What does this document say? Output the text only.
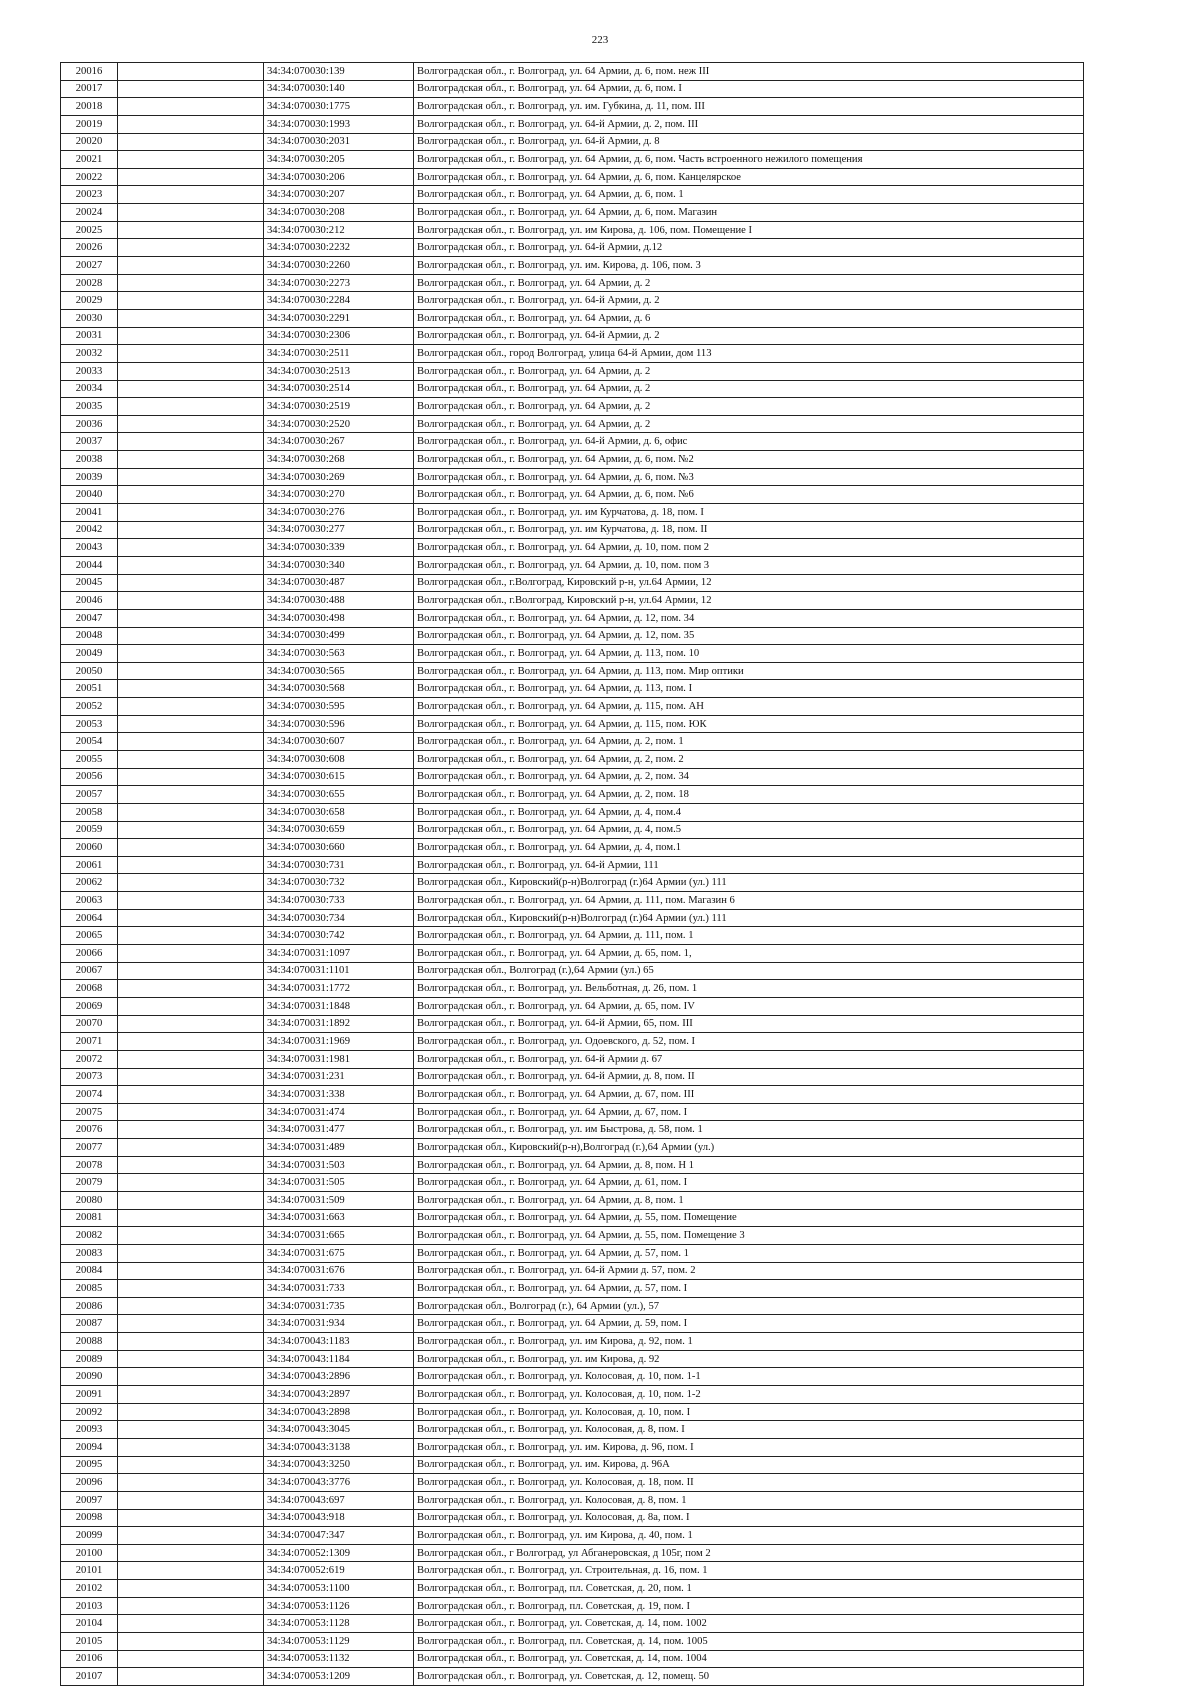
223
20016		34:34:070030:139	Волгоградская обл., г. Волгоград, ул. 64 Армии, д. 6, пом. неж III
20017		34:34:070030:140	Волгоградская обл., г. Волгоград, ул. 64 Армии, д. 6, пом. I
20018		34:34:070030:1775	Волгоградская обл., г. Волгоград, ул. им. Губкина, д. 11, пом. III
20019		34:34:070030:1993	Волгоградская обл., г. Волгоград, ул. 64-й Армии, д. 2, пом. III
20020		34:34:070030:2031	Волгоградская обл., г. Волгоград, ул. 64-й Армии, д. 8
20021		34:34:070030:205	Волгоградская обл., г. Волгоград, ул. 64 Армии, д. 6, пом. Часть встроенного нежилого помещения
20022		34:34:070030:206	Волгоградская обл., г. Волгоград, ул. 64 Армии, д. 6, пом. Канцелярское
20023		34:34:070030:207	Волгоградская обл., г. Волгоград, ул. 64 Армии, д. 6, пом. 1
20024		34:34:070030:208	Волгоградская обл., г. Волгоград, ул. 64 Армии, д. 6, пом. Магазин
20025		34:34:070030:212	Волгоградская обл., г. Волгоград, ул. им Кирова, д. 106, пом. Помещение I
20026		34:34:070030:2232	Волгоградская обл., г. Волгоград, ул. 64-й Армии, д.12
20027		34:34:070030:2260	Волгоградская обл., г. Волгоград, ул. им. Кирова, д. 106, пом. 3
20028		34:34:070030:2273	Волгоградская обл., г. Волгоград, ул. 64 Армии, д. 2
20029		34:34:070030:2284	Волгоградская обл., г. Волгоград, ул. 64-й Армии, д. 2
20030		34:34:070030:2291	Волгоградская обл., г. Волгоград, ул. 64 Армии, д. 6
20031		34:34:070030:2306	Волгоградская обл., г. Волгоград, ул. 64-й Армии, д. 2
20032		34:34:070030:2511	Волгоградская обл., город Волгоград, улица 64-й Армии, дом 113
20033		34:34:070030:2513	Волгоградская обл., г. Волгоград, ул. 64 Армии, д. 2
20034		34:34:070030:2514	Волгоградская обл., г. Волгоград, ул. 64 Армии, д. 2
20035		34:34:070030:2519	Волгоградская обл., г. Волгоград, ул. 64 Армии, д. 2
20036		34:34:070030:2520	Волгоградская обл., г. Волгоград, ул. 64 Армии, д. 2
20037		34:34:070030:267	Волгоградская обл., г. Волгоград, ул. 64-й Армии, д. 6, офис
20038		34:34:070030:268	Волгоградская обл., г. Волгоград, ул. 64 Армии, д. 6, пом. №2
20039		34:34:070030:269	Волгоградская обл., г. Волгоград, ул. 64 Армии, д. 6, пом. №3
20040		34:34:070030:270	Волгоградская обл., г. Волгоград, ул. 64 Армии, д. 6, пом. №6
20041		34:34:070030:276	Волгоградская обл., г. Волгоград, ул. им Курчатова, д. 18, пом. I
20042		34:34:070030:277	Волгоградская обл., г. Волгоград, ул. им Курчатова, д. 18, пом. II
20043		34:34:070030:339	Волгоградская обл., г. Волгоград, ул. 64 Армии, д. 10, пом. пом 2
20044		34:34:070030:340	Волгоградская обл., г. Волгоград, ул. 64 Армии, д. 10, пом. пом 3
20045		34:34:070030:487	Волгоградская обл., г.Волгоград, Кировский р-н, ул.64 Армии, 12
20046		34:34:070030:488	Волгоградская обл., г.Волгоград, Кировский р-н, ул.64 Армии, 12
20047		34:34:070030:498	Волгоградская обл., г. Волгоград, ул. 64 Армии, д. 12, пом. 34
20048		34:34:070030:499	Волгоградская обл., г. Волгоград, ул. 64 Армии, д. 12, пом. 35
20049		34:34:070030:563	Волгоградская обл., г. Волгоград, ул. 64 Армии, д. 113, пом. 10
20050		34:34:070030:565	Волгоградская обл., г. Волгоград, ул. 64 Армии, д. 113, пом. Мир оптики
20051		34:34:070030:568	Волгоградская обл., г. Волгоград, ул. 64 Армии, д. 113, пом. I
20052		34:34:070030:595	Волгоградская обл., г. Волгоград, ул. 64 Армии, д. 115, пом. АН
20053		34:34:070030:596	Волгоградская обл., г. Волгоград, ул. 64 Армии, д. 115, пом. ЮК
20054		34:34:070030:607	Волгоградская обл., г. Волгоград, ул. 64 Армии, д. 2, пом. 1
20055		34:34:070030:608	Волгоградская обл., г. Волгоград, ул. 64 Армии, д. 2, пом. 2
20056		34:34:070030:615	Волгоградская обл., г. Волгоград, ул. 64 Армии, д. 2, пом. 34
20057		34:34:070030:655	Волгоградская обл., г. Волгоград, ул. 64 Армии, д. 2, пом. 18
20058		34:34:070030:658	Волгоградская обл., г. Волгоград, ул. 64 Армии, д. 4, пом.4
20059		34:34:070030:659	Волгоградская обл., г. Волгоград, ул. 64 Армии, д. 4, пом.5
20060		34:34:070030:660	Волгоградская обл., г. Волгоград, ул. 64 Армии, д. 4, пом.1
20061		34:34:070030:731	Волгоградская обл., г. Волгоград, ул. 64-й Армии, 111
20062		34:34:070030:732	Волгоградская обл., Кировский(р-н)Волгоград (г.)64 Армии (ул.) 111
20063		34:34:070030:733	Волгоградская обл., г. Волгоград, ул. 64 Армии, д. 111, пом. Магазин 6
20064		34:34:070030:734	Волгоградская обл., Кировский(р-н)Волгоград (г.)64 Армии (ул.) 111
20065		34:34:070030:742	Волгоградская обл., г. Волгоград, ул. 64 Армии, д. 111, пом. 1
20066		34:34:070031:1097	Волгоградская обл., г. Волгоград, ул. 64 Армии, д. 65, пом. 1,
20067		34:34:070031:1101	Волгоградская обл., Волгоград (г.),64 Армии (ул.) 65
20068		34:34:070031:1772	Волгоградская обл., г. Волгоград, ул. Вельботная, д. 26, пом. 1
20069		34:34:070031:1848	Волгоградская обл., г. Волгоград, ул. 64 Армии, д. 65, пом. IV
20070		34:34:070031:1892	Волгоградская обл., г. Волгоград, ул. 64-й Армии, 65, пом. III
20071		34:34:070031:1969	Волгоградская обл., г. Волгоград, ул. Одоевского, д. 52, пом. I
20072		34:34:070031:1981	Волгоградская обл., г. Волгоград, ул. 64-й Армии д. 67
20073		34:34:070031:231	Волгоградская обл., г. Волгоград, ул. 64-й Армии, д. 8, пом. II
20074		34:34:070031:338	Волгоградская обл., г. Волгоград, ул. 64 Армии, д. 67, пом. III
20075		34:34:070031:474	Волгоградская обл., г. Волгоград, ул. 64 Армии, д. 67, пом. I
20076		34:34:070031:477	Волгоградская обл., г. Волгоград, ул. им Быстрова, д. 58, пом. 1
20077		34:34:070031:489	Волгоградская обл., Кировский(р-н),Волгоград (г.),64 Армии (ул.)
20078		34:34:070031:503	Волгоградская обл., г. Волгоград, ул. 64 Армии, д. 8, пом. Н 1
20079		34:34:070031:505	Волгоградская обл., г. Волгоград, ул. 64 Армии, д. 61, пом. I
20080		34:34:070031:509	Волгоградская обл., г. Волгоград, ул. 64 Армии, д. 8, пом. 1
20081		34:34:070031:663	Волгоградская обл., г. Волгоград, ул. 64 Армии, д. 55, пом. Помещение
20082		34:34:070031:665	Волгоградская обл., г. Волгоград, ул. 64 Армии, д. 55, пом. Помещение 3
20083		34:34:070031:675	Волгоградская обл., г. Волгоград, ул. 64 Армии, д. 57, пом. 1
20084		34:34:070031:676	Волгоградская обл., г. Волгоград, ул. 64-й Армии д. 57, пом. 2
20085		34:34:070031:733	Волгоградская обл., г. Волгоград, ул. 64 Армии, д. 57, пом. I
20086		34:34:070031:735	Волгоградская обл., Волгоград (г.), 64 Армии (ул.), 57
20087		34:34:070031:934	Волгоградская обл., г. Волгоград, ул. 64 Армии, д. 59, пом. I
20088		34:34:070043:1183	Волгоградская обл., г. Волгоград, ул. им Кирова, д. 92, пом. 1
20089		34:34:070043:1184	Волгоградская обл., г. Волгоград, ул. им Кирова, д. 92
20090		34:34:070043:2896	Волгоградская обл., г. Волгоград, ул. Колосовая, д. 10, пом. 1-1
20091		34:34:070043:2897	Волгоградская обл., г. Волгоград, ул. Колосовая, д. 10, пом. 1-2
20092		34:34:070043:2898	Волгоградская обл., г. Волгоград, ул. Колосовая, д. 10, пом. I
20093		34:34:070043:3045	Волгоградская обл., г. Волгоград, ул. Колосовая, д. 8, пом. I
20094		34:34:070043:3138	Волгоградская обл., г. Волгоград, ул. им. Кирова, д. 96, пом. I
20095		34:34:070043:3250	Волгоградская обл., г. Волгоград, ул. им. Кирова, д. 96А
20096		34:34:070043:3776	Волгоградская обл., г. Волгоград, ул. Колосовая, д. 18, пом. II
20097		34:34:070043:697	Волгоградская обл., г. Волгоград, ул. Колосовая, д. 8, пом. 1
20098		34:34:070043:918	Волгоградская обл., г. Волгоград, ул. Колосовая, д. 8а, пом. I
20099		34:34:070047:347	Волгоградская обл., г. Волгоград, ул. им Кирова, д. 40, пом. 1
20100		34:34:070052:1309	Волгоградская обл., г Волгоград, ул Абганеровская, д 105г, пом 2
20101		34:34:070052:619	Волгоградская обл., г. Волгоград, ул. Строительная, д. 16, пом. 1
20102		34:34:070053:1100	Волгоградская обл., г. Волгоград, пл. Советская, д. 20, пом. 1
20103		34:34:070053:1126	Волгоградская обл., г. Волгоград, пл. Советская, д. 19, пом. I
20104		34:34:070053:1128	Волгоградская обл., г. Волгоград, ул. Советская, д. 14, пом. 1002
20105		34:34:070053:1129	Волгоградская обл., г. Волгоград, пл. Советская, д. 14, пом. 1005
20106		34:34:070053:1132	Волгоградская обл., г. Волгоград, ул. Советская, д. 14, пом. 1004
20107		34:34:070053:1209	Волгоградская обл., г. Волгоград, ул. Советская, д. 12, помещ. 50
